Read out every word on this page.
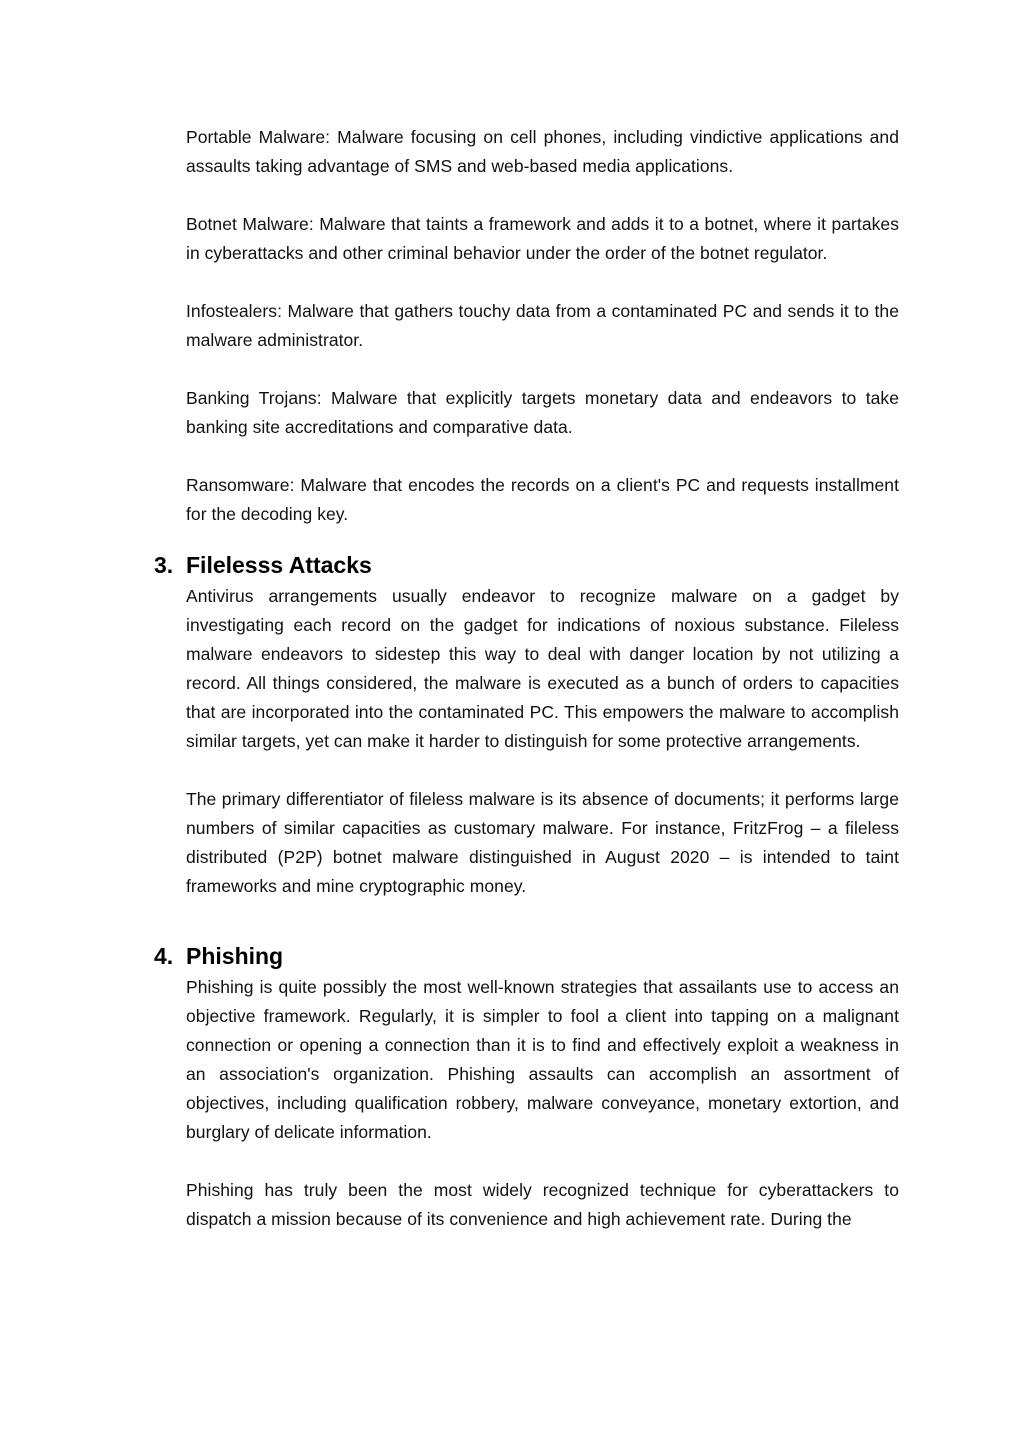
Portable Malware: Malware focusing on cell phones, including vindictive applications and assaults taking advantage of SMS and web-based media applications.

Botnet Malware: Malware that taints a framework and adds it to a botnet, where it partakes in cyberattacks and other criminal behavior under the order of the botnet regulator.

Infostealers: Malware that gathers touchy data from a contaminated PC and sends it to the malware administrator.

Banking Trojans: Malware that explicitly targets monetary data and endeavors to take banking site accreditations and comparative data.

Ransomware: Malware that encodes the records on a client's PC and requests installment for the decoding key.

3. Filelesss Attacks

Antivirus arrangements usually endeavor to recognize malware on a gadget by investigating each record on the gadget for indications of noxious substance. Fileless malware endeavors to sidestep this way to deal with danger location by not utilizing a record. All things considered, the malware is executed as a bunch of orders to capacities that are incorporated into the contaminated PC. This empowers the malware to accomplish similar targets, yet can make it harder to distinguish for some protective arrangements.

The primary differentiator of fileless malware is its absence of documents; it performs large numbers of similar capacities as customary malware. For instance, FritzFrog – a fileless distributed (P2P) botnet malware distinguished in August 2020 – is intended to taint frameworks and mine cryptographic money.

4. Phishing

Phishing is quite possibly the most well-known strategies that assailants use to access an objective framework. Regularly, it is simpler to fool a client into tapping on a malignant connection or opening a connection than it is to find and effectively exploit a weakness in an association's organization. Phishing assaults can accomplish an assortment of objectives, including qualification robbery, malware conveyance, monetary extortion, and burglary of delicate information.

Phishing has truly been the most widely recognized technique for cyberattackers to dispatch a mission because of its convenience and high achievement rate. During the
